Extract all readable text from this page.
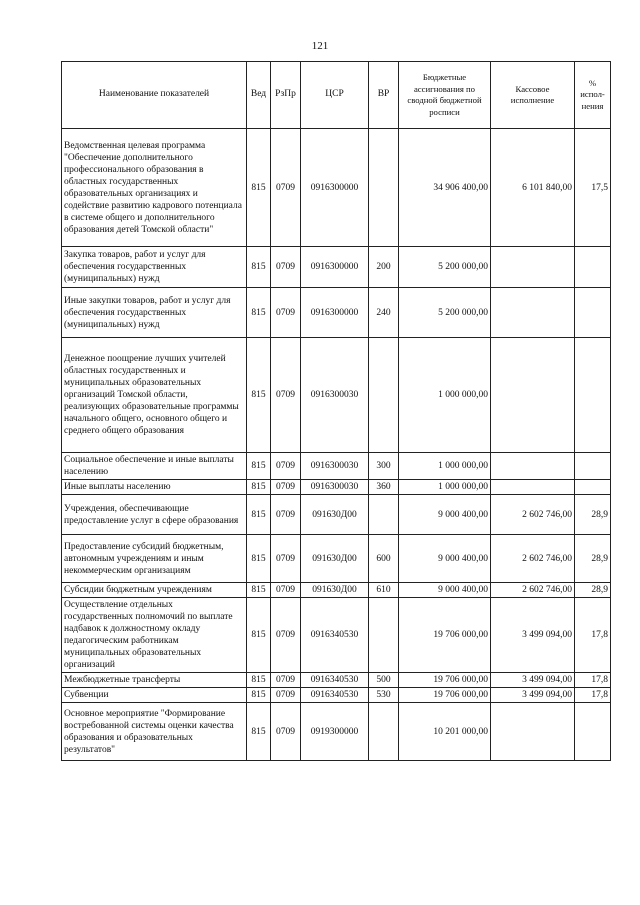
121
Наименование показателей	Вед	РзПр	ЦСР	ВР	Бюджетные ассигнования по сводной бюджетной росписи	Кассовое исполнение	% испол-нения
Ведомственная целевая программа "Обеспечение дополнительного профессионального образования в областных государственных образовательных организациях и содействие развитию кадрового потенциала в системе общего и дополнительного образования детей Томской области"	815	0709	0916300000		34 906 400,00	6 101 840,00	17,5
Закупка товаров, работ и услуг для обеспечения государственных (муниципальных) нужд	815	0709	0916300000	200	5 200 000,00		
Иные закупки товаров, работ и услуг для обеспечения государственных (муниципальных) нужд	815	0709	0916300000	240	5 200 000,00		
Денежное поощрение лучших учителей областных государственных и муниципальных образовательных организаций Томской области, реализующих образовательные программы начального общего, основного общего и среднего общего образования	815	0709	0916300030		1 000 000,00		
Социальное обеспечение и иные выплаты населению	815	0709	0916300030	300	1 000 000,00		
Иные выплаты населению	815	0709	0916300030	360	1 000 000,00		
Учреждения, обеспечивающие предоставление услуг в сфере образования	815	0709	091630Д00		9 000 400,00	2 602 746,00	28,9
Предоставление субсидий бюджетным, автономным учреждениям и иным некоммерческим организациям	815	0709	091630Д00	600	9 000 400,00	2 602 746,00	28,9
Субсидии бюджетным учреждениям	815	0709	091630Д00	610	9 000 400,00	2 602 746,00	28,9
Осуществление отдельных государственных полномочий по выплате надбавок к должностному окладу педагогическим работникам муниципальных образовательных организаций	815	0709	0916340530		19 706 000,00	3 499 094,00	17,8
Межбюджетные трансферты	815	0709	0916340530	500	19 706 000,00	3 499 094,00	17,8
Субвенции	815	0709	0916340530	530	19 706 000,00	3 499 094,00	17,8
Основное мероприятие "Формирование востребованной системы оценки качества образования и образовательных результатов"	815	0709	0919300000		10 201 000,00		
